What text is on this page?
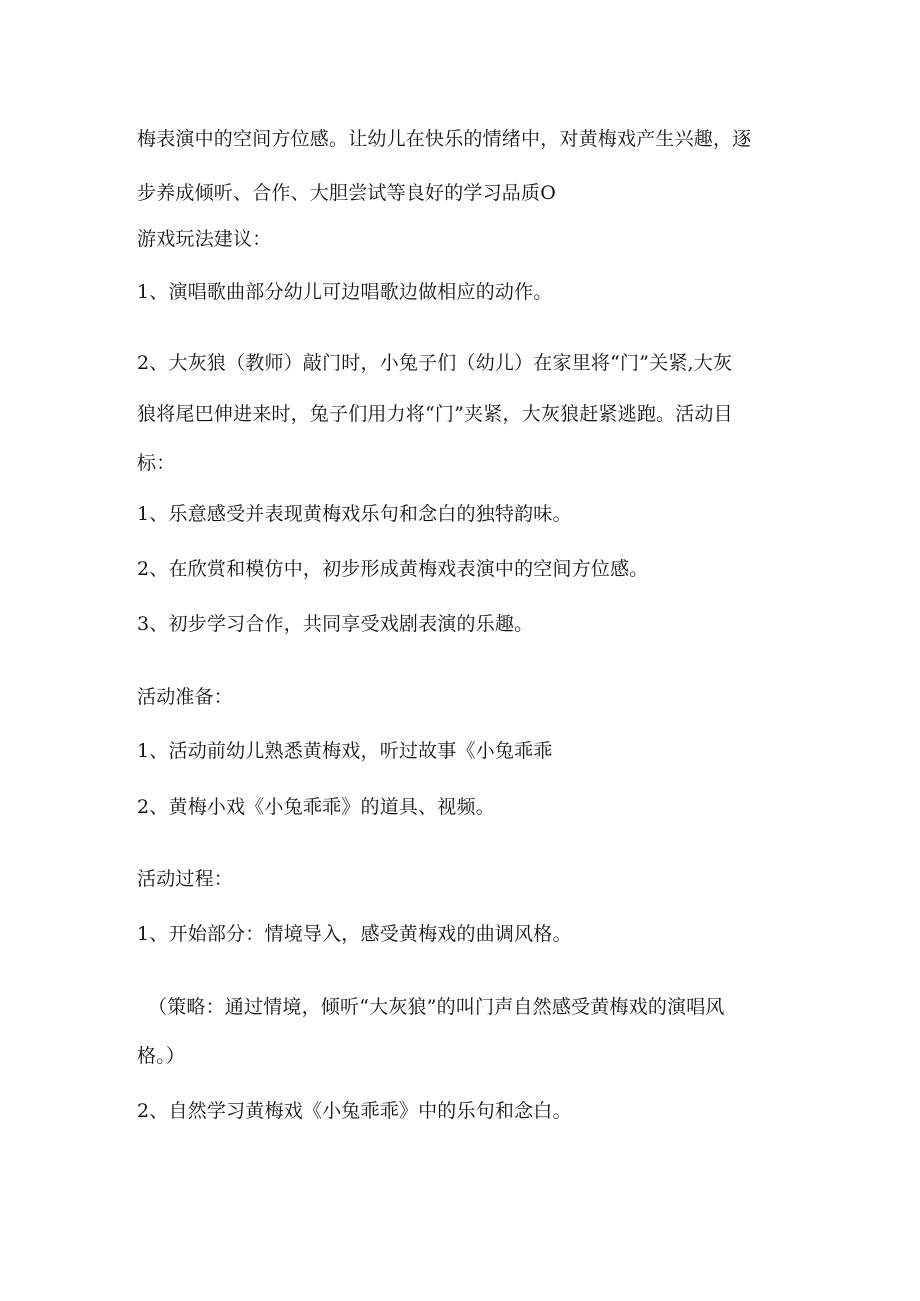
梅表演中的空间方位感。让幼儿在快乐的情绪中，对黄梅戏产生兴趣，逐
步养成倾听、合作、大胆尝试等良好的学习品质O
游戏玩法建议：
1、演唱歌曲部分幼儿可边唱歌边做相应的动作。
2、大灰狼（教师）敲门时，小兔子们（幼儿）在家里将“门”关紧,大灰
狼将尾巴伸进来时，兔子们用力将“门”夹紧，大灰狼赶紧逃跑。活动目
标：
1、乐意感受并表现黄梅戏乐句和念白的独特韵味。
2、在欣赏和模仿中，初步形成黄梅戏表演中的空间方位感。
3、初步学习合作，共同享受戏剧表演的乐趣。
活动准备：
1、活动前幼儿熟悉黄梅戏，听过故事《小兔乖乖
2、黄梅小戏《小兔乖乖》的道具、视频。
活动过程：
1、开始部分：情境导入，感受黄梅戏的曲调风格。
（策略：通过情境，倾听“大灰狼”的叫门声自然感受黄梅戏的演唱风
格。）
2、自然学习黄梅戏《小兔乖乖》中的乐句和念白。
